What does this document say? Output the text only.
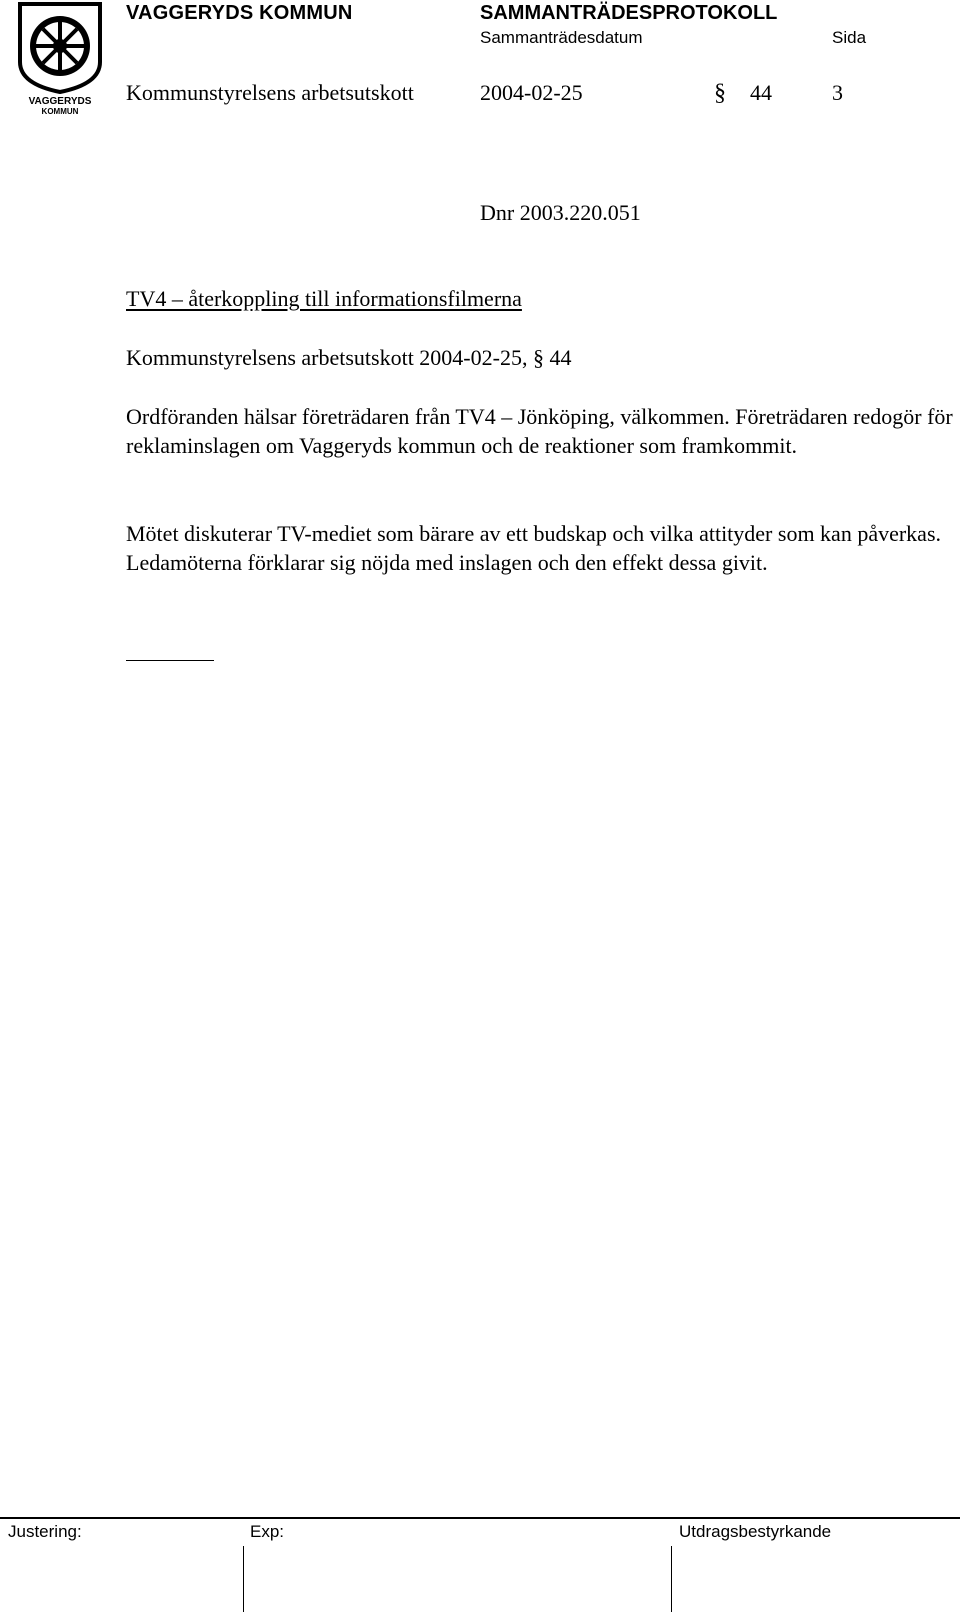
VAGGERYDS
KOMMUN
VAGGERYDS KOMMUN	SAMMANTRÄDESPROTOKOLL
Sammanträdesdatum	Sida
Kommunstyrelsens arbetsutskott	2004-02-25	§ 44	3
Dnr 2003.220.051
TV4 – återkoppling till informationsfilmerna
Kommunstyrelsens arbetsutskott 2004-02-25, § 44

Ordföranden hälsar företrädaren från TV4 – Jönköping, välkommen. Företrädaren redogör för reklaminslagen om Vaggeryds kommun och de reaktioner som framkommit.

Mötet diskuterar TV-mediet som bärare av ett budskap och vilka attityder som kan påverkas. Ledamöterna förklarar sig nöjda med inslagen och den effekt dessa givit.

Justering:	Exp:	Utdragsbestyrkande
